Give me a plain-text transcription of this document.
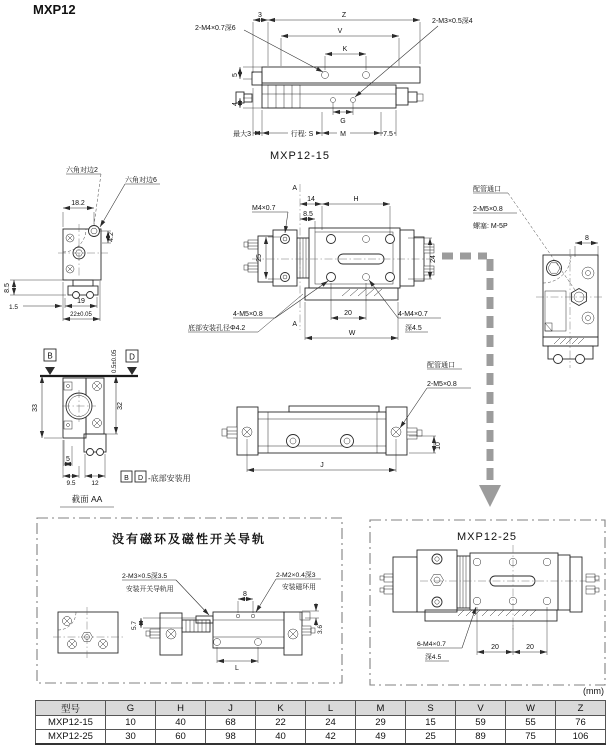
MXP12	3	Z
V
K
5
4
最大3	行程: S	M	7.5
G
2-M4×0.7深6
2-M3×0.5深4
MXP12-15
六角对边2
六角对边6
18.2
4.2
8.5
1.5
19
22±0.05
A
A
14	H
8.5
25	24
20
W
M4×0.7
4-M5×0.8
底部安装孔径Φ4.2
4-M4×0.7
深4.5
配管通口
2-M5×0.8
螺塞: M-5P
8
B	D
0.5±0.05
33	32
5
9.5 12
B D -底部安装用
截面 AA
配管通口
2-M5×0.8
10
J
没有磁环及磁性开关导轨
2-M3×0.5深3.5
安装开关导轨用
2-M2×0.4深3
安装磁环用
8
5.7	3.6
L
MXP12-25
6-M4×0.7
深4.5
20	20
(mm)
型号	G	H	J	K	L	M	S	V	W	Z
MXP12-15	10	40	68	22	24	29	15	59	55	76
MXP12-25	30	60	98	40	42	49	25	89	75	106
